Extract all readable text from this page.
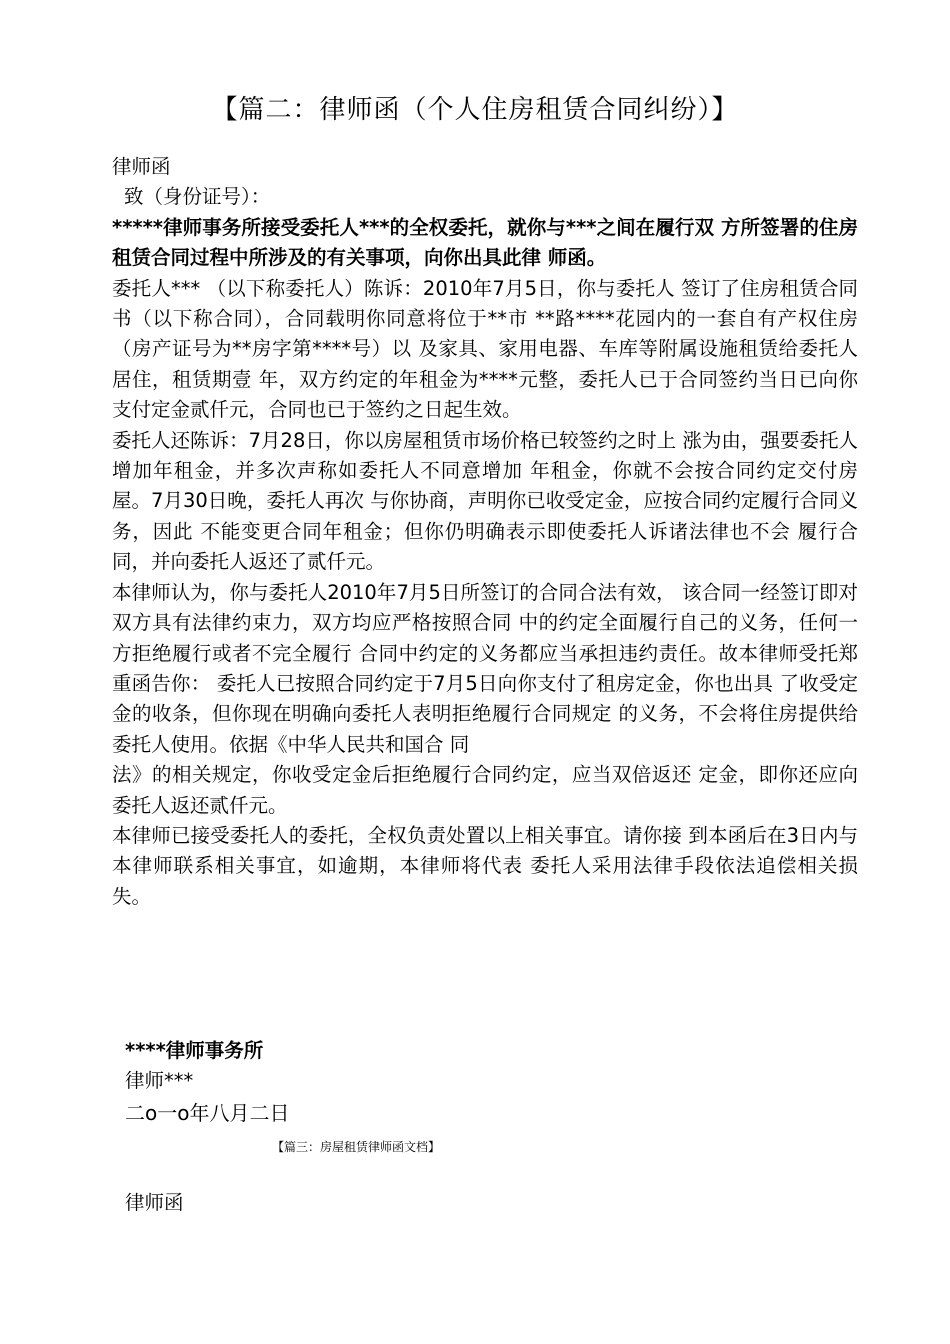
【篇二：律师函（个人住房租赁合同纠纷）】

律师函

致（身份证号）：

*****律师事务所接受委托人***的全权委托，就你与***之间在履行双 方所签署的住房租赁合同过程中所涉及的有关事项，向你出具此律 师函。

委托人*** （以下称委托人）陈诉：2010年7月5日，你与委托人 签订了住房租赁合同书（以下称合同），合同载明你同意将位于**市 **路****花园内的一套自有产权住房（房产证号为**房字第****号）以 及家具、家用电器、车库等附属设施租赁给委托人居住，租赁期壹 年，双方约定的年租金为****元整，委托人已于合同签约当日已向你 支付定金贰仟元，合同也已于签约之日起生效。

委托人还陈诉：7月28日，你以房屋租赁市场价格已较签约之时上 涨为由，强要委托人增加年租金，并多次声称如委托人不同意增加 年租金，你就不会按合同约定交付房屋。7月30日晚，委托人再次 与你协商，声明你已收受定金，应按合同约定履行合同义务，因此 不能变更合同年租金；但你仍明确表示即使委托人诉诸法律也不会 履行合同，并向委托人返还了贰仟元。

本律师认为，你与委托人2010年7月5日所签订的合同合法有效， 该合同一经签订即对双方具有法律约束力，双方均应严格按照合同 中的约定全面履行自己的义务，任何一方拒绝履行或者不完全履行 合同中约定的义务都应当承担违约责任。故本律师受托郑重函告你： 委托人已按照合同约定于7月5日向你支付了租房定金，你也出具 了收受定金的收条，但你现在明确向委托人表明拒绝履行合同规定 的义务，不会将住房提供给委托人使用。依据《中华人民共和国合 同

法》的相关规定，你收受定金后拒绝履行合同约定，应当双倍返还 定金，即你还应向委托人返还贰仟元。

本律师已接受委托人的委托，全权负责处置以上相关事宜。请你接 到本函后在3日内与本律师联系相关事宜，如逾期，本律师将代表 委托人采用法律手段依法追偿相关损失。

****律师事务所
律师***
二o一o年八月二日
【篇三：房屋租赁律师函文档】
律师函
